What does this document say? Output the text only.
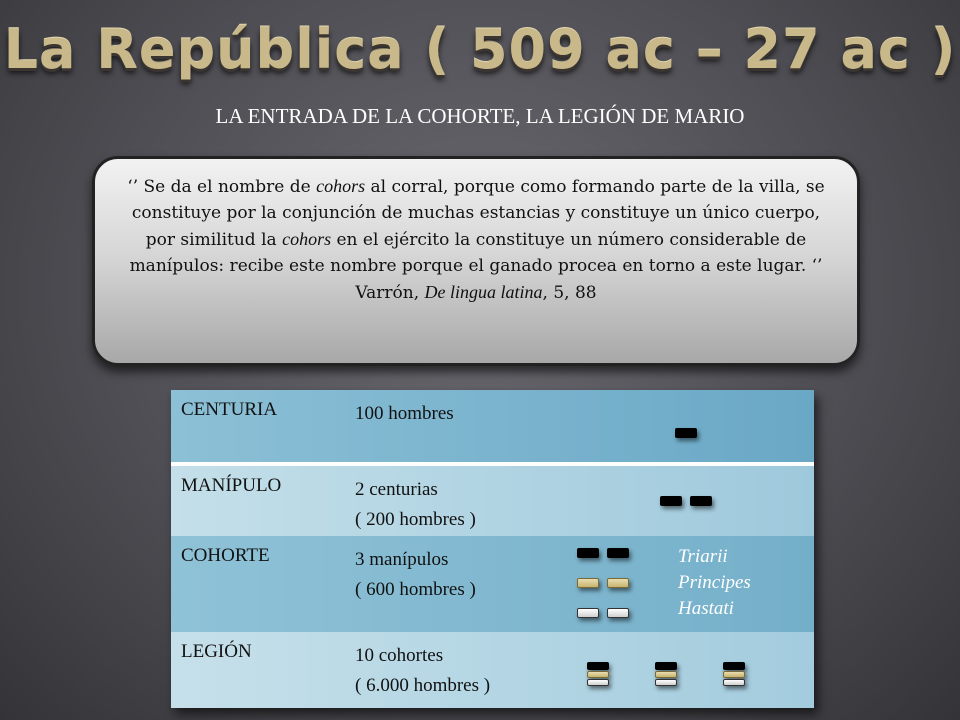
La República ( 509 ac – 27 ac )
LA ENTRADA DE LA COHORTE, LA LEGIÓN DE MARIO
‘’ Se da el nombre de cohors al corral, porque como formando parte de la villa, se constituye por la conjunción de muchas estancias y constituye un único cuerpo, por similitud la cohors en el ejército la constituye un número considerable de manípulos: recibe este nombre porque el ganado procea en torno a este lugar. ‘’
Varrón, De lingua latina, 5, 88
CENTURIA	100 hombres
MANÍPULO	2 centurias
( 200 hombres )
COHORTE	3 manípulos
( 600 hombres )
Triarii
Principes
Hastati
LEGIÓN	10 cohortes
( 6.000 hombres )
